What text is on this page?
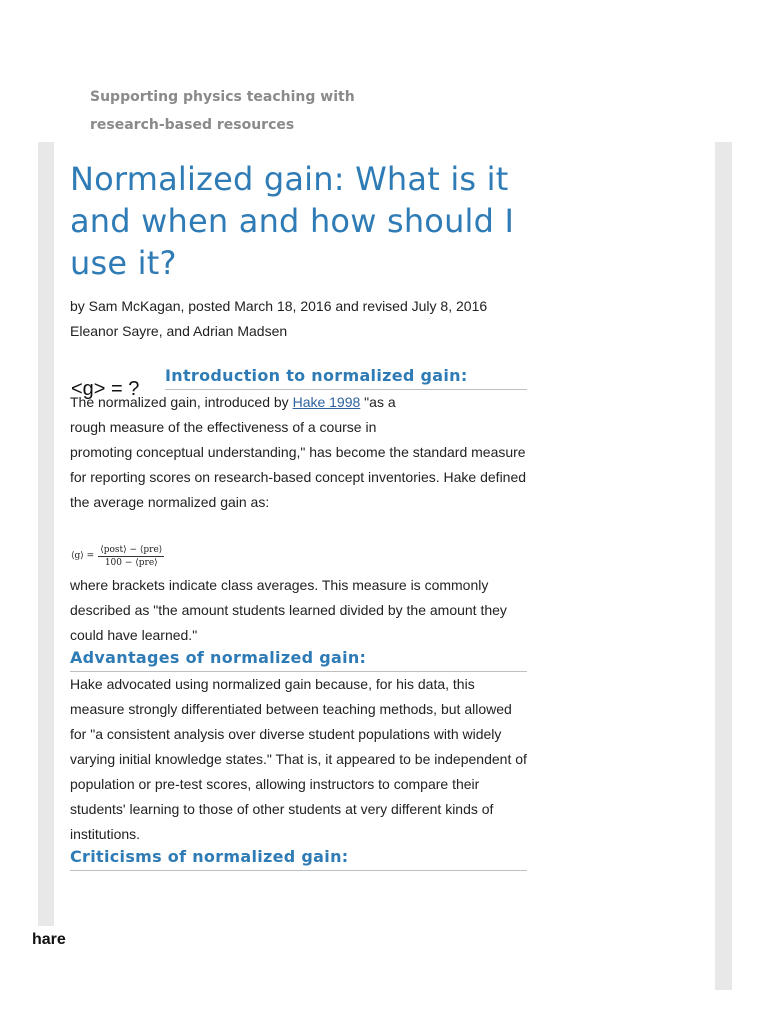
Supporting physics teaching with
research-based resources
Normalized gain: What is it and when and how should I use it?
by Sam McKagan, posted March 18, 2016 and revised July 8, 2016
Eleanor Sayre, and Adrian Madsen
<g> = ?
Introduction to normalized gain:

The normalized gain, introduced by Hake 1998 "as a
rough measure of the effectiveness of a course in

promoting conceptual understanding," has become the standard measure for reporting scores on research-based concept inventories. Hake defined the average normalized gain as:

⟨g⟩ = $\frac{\text{⟨post⟩ − ⟨pre⟩}}{\text{100 − ⟨pre⟩}}$

where brackets indicate class averages. This measure is commonly described as "the amount students learned divided by the amount they could have learned."

Advantages of normalized gain:

Hake advocated using normalized gain because, for his data, this measure strongly differentiated between teaching methods, but allowed for "a consistent analysis over diverse student populations with widely varying initial knowledge states." That is, it appeared to be independent of population or pre-test scores, allowing instructors to compare their students' learning to those of other students at very different kinds of institutions.

Criticisms of normalized gain:
hare
